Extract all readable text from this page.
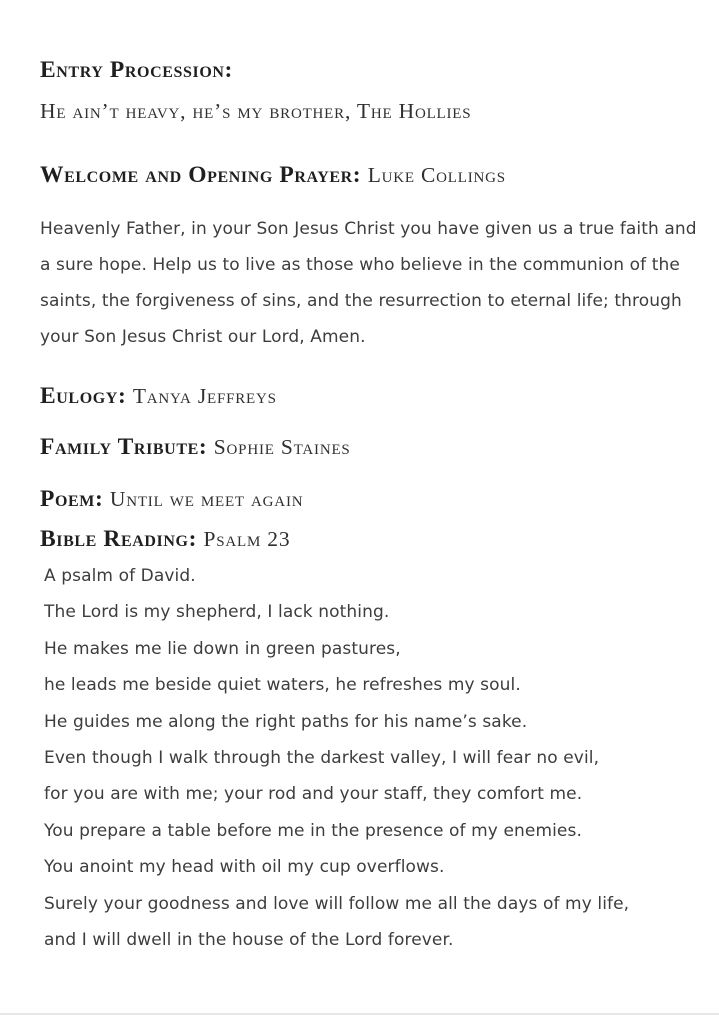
Entry Procession:
He ain’t heavy, he’s my brother, The Hollies
Welcome and Opening Prayer: Luke Collings
Heavenly Father, in your Son Jesus Christ you have given us a true faith and a sure hope. Help us to live as those who believe in the communion of the saints, the forgiveness of sins, and the resurrection to eternal life; through your Son Jesus Christ our Lord, Amen.
Eulogy: Tanya Jeffreys
Family Tribute: Sophie Staines
Poem: Until we meet again
Bible Reading: Psalm 23
A psalm of David.
The Lord is my shepherd, I lack nothing.
He makes me lie down in green pastures,
he leads me beside quiet waters, he refreshes my soul.
He guides me along the right paths for his name’s sake.
Even though I walk through the darkest valley, I will fear no evil,
for you are with me; your rod and your staff, they comfort me.
You prepare a table before me in the presence of my enemies.
You anoint my head with oil my cup overflows.
Surely your goodness and love will follow me all the days of my life,
and I will dwell in the house of the Lord forever.
